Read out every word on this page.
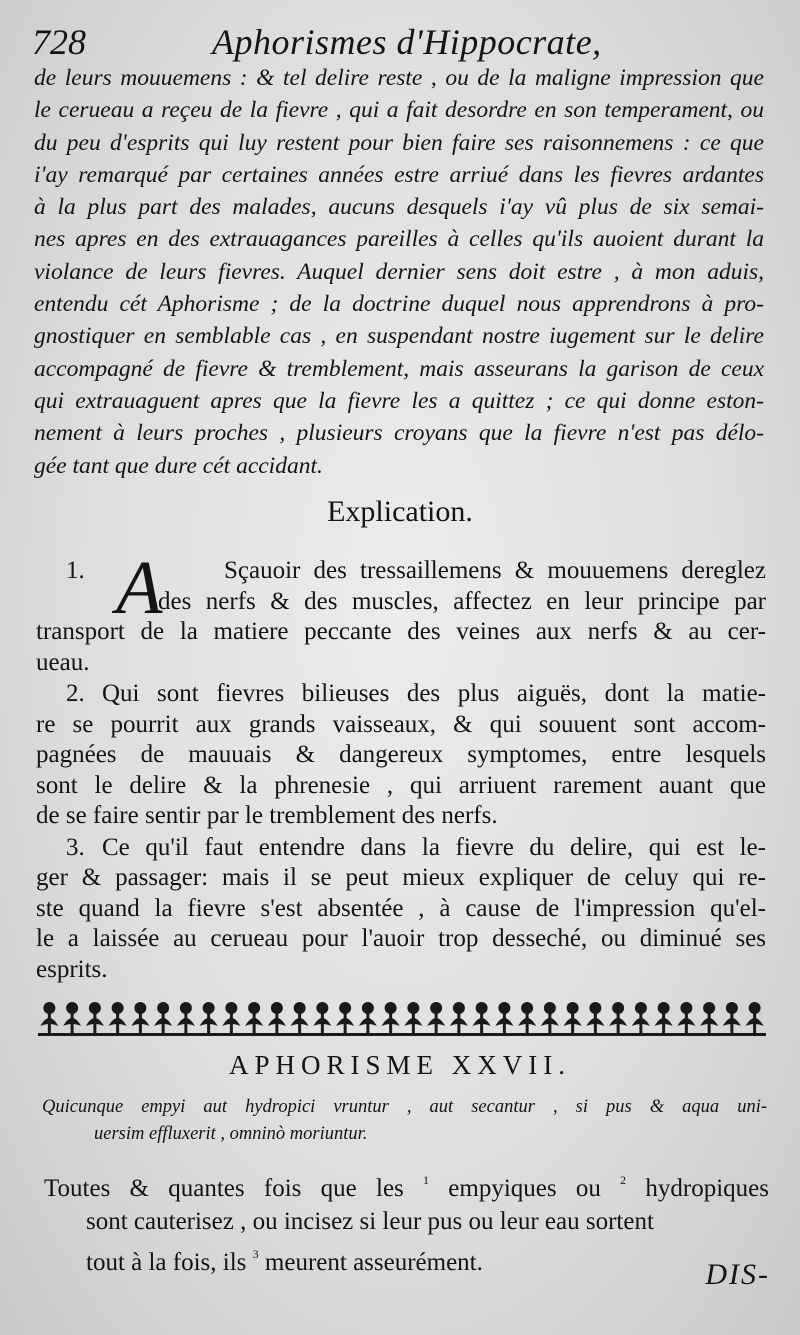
728	Aphorismes d'Hippocrate,
de leurs mouuemens : & tel delire reste , ou de la maligne impression que
le cerueau a reçeu de la fievre , qui a fait desordre en son temperament, ou
du peu d'esprits qui luy restent pour bien faire ses raisonnemens : ce que
i'ay remarqué par certaines années estre arriué dans les fievres ardantes
à la plus part des malades, aucuns desquels i'ay vû plus de six semai-
nes apres en des extrauagances pareilles à celles qu'ils auoient durant la
violance de leurs fievres. Auquel dernier sens doit estre , à mon aduis,
entendu cét Aphorisme ; de la doctrine duquel nous apprendrons à pro-
gnostiquer en semblable cas , en suspendant nostre iugement sur le delire
accompagné de fievre & tremblement, mais asseurans la garison de ceux
qui extrauaguent apres que la fievre les a quittez ; ce qui donne eston-
nement à leurs proches , plusieurs croyans que la fievre n'est pas délo-
gée tant que dure cét accidant.
Explication.
A
1.	Sçauoir des tressaillemens & mouuemens dereglez
des nerfs & des muscles, affectez en leur principe par
transport de la matiere peccante des veines aux nerfs & au cer-
ueau.
2. Qui sont fievres bilieuses des plus aiguës, dont la matie-
re se pourrit aux grands vaisseaux, & qui souuent sont accom-
pagnées de mauuais & dangereux symptomes, entre lesquels
sont le delire & la phrenesie , qui arriuent rarement auant que
de se faire sentir par le tremblement des nerfs.
3. Ce qu'il faut entendre dans la fievre du delire, qui est le-
ger & passager: mais il se peut mieux expliquer de celuy qui re-
ste quand la fievre s'est absentée , à cause de l'impression qu'el-
le a laissée au cerueau pour l'auoir trop desseché, ou diminué ses
esprits.
APHORISME XXVII.
Quicunque empyi aut hydropici vruntur , aut secantur , si pus & aqua uni-
uersim effluxerit , omninò moriuntur.
Toutes & quantes fois que les $^1$ empyiques ou $^2$ hydropiques
sont cauterisez , ou incisez si leur pus ou leur eau sortent
tout à la fois, ils $^3$ meurent asseurément.	DIS-
